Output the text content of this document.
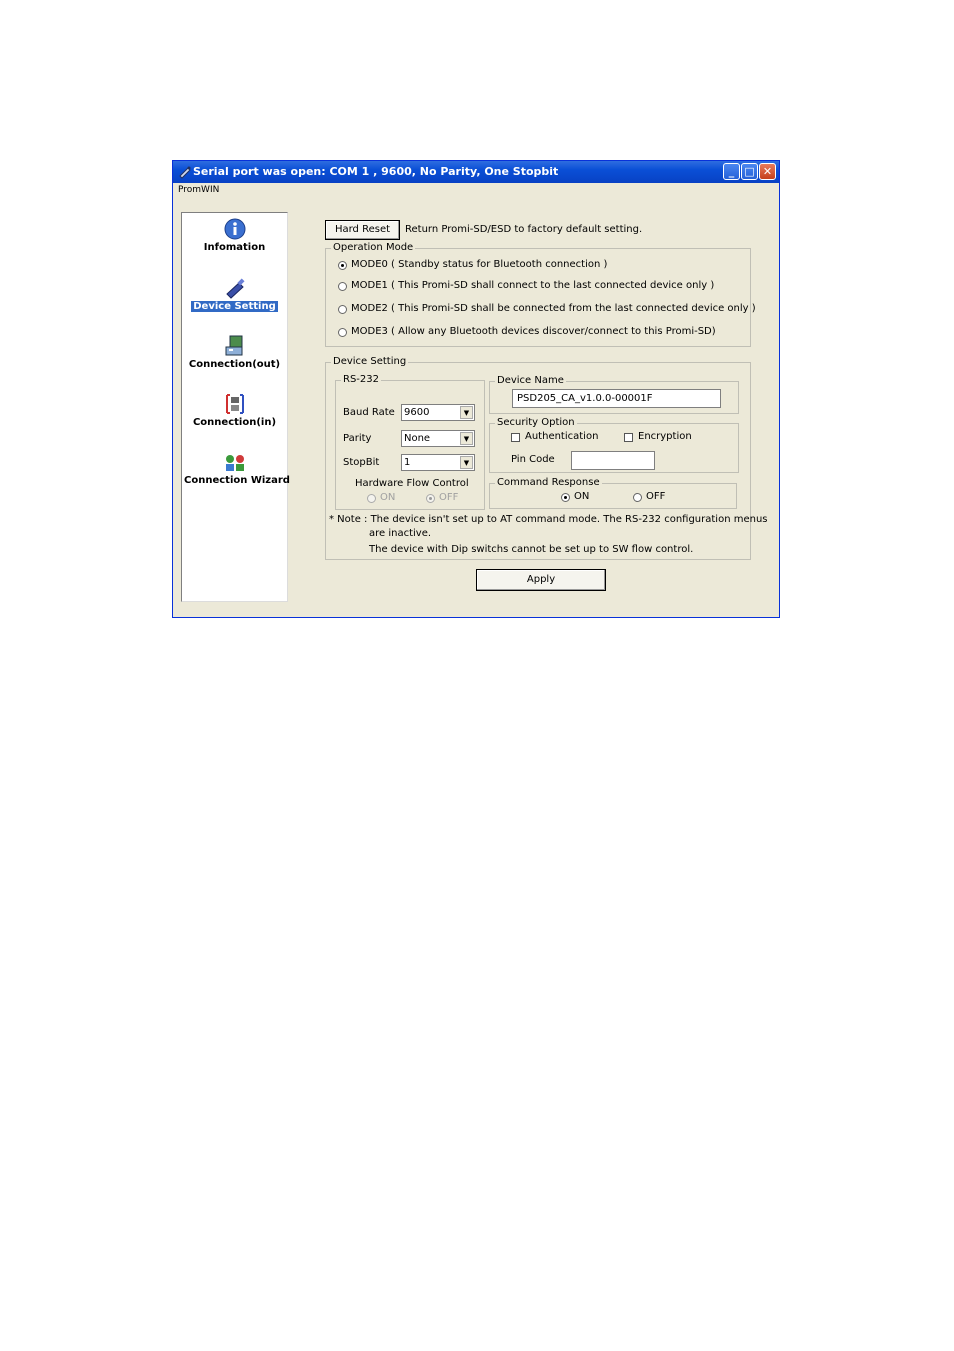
Serial port was open: COM 1 , 9600, No Parity, One Stopbit	_ □ ✕
PromWIN
Infomation
Device Setting
Connection(out)
Connection(in)
Connection Wizard
Hard Reset	Return Promi-SD/ESD to factory default setting.
Operation Mode
MODE0 ( Standby status for Bluetooth connection )
MODE1 ( This Promi-SD shall connect to the last connected device only )
MODE2 ( This Promi-SD shall be connected from the last connected device only )
MODE3 ( Allow any Bluetooth devices discover/connect to this Promi-SD)
Device Setting
RS-232
Baud Rate 9600	▼
Parity	None	▼
StopBit 1	▼
Hardware Flow Control
ON	OFF
Device Name
PSD205_CA_v1.0.0-00001F
Security Option
Authentication	Encryption
Pin Code
Command Response
ON	OFF
* Note : The device isn't set up to AT command mode. The RS-232 configuration menus
are inactive.
The device with Dip switchs cannot be set up to SW flow control.
Apply
